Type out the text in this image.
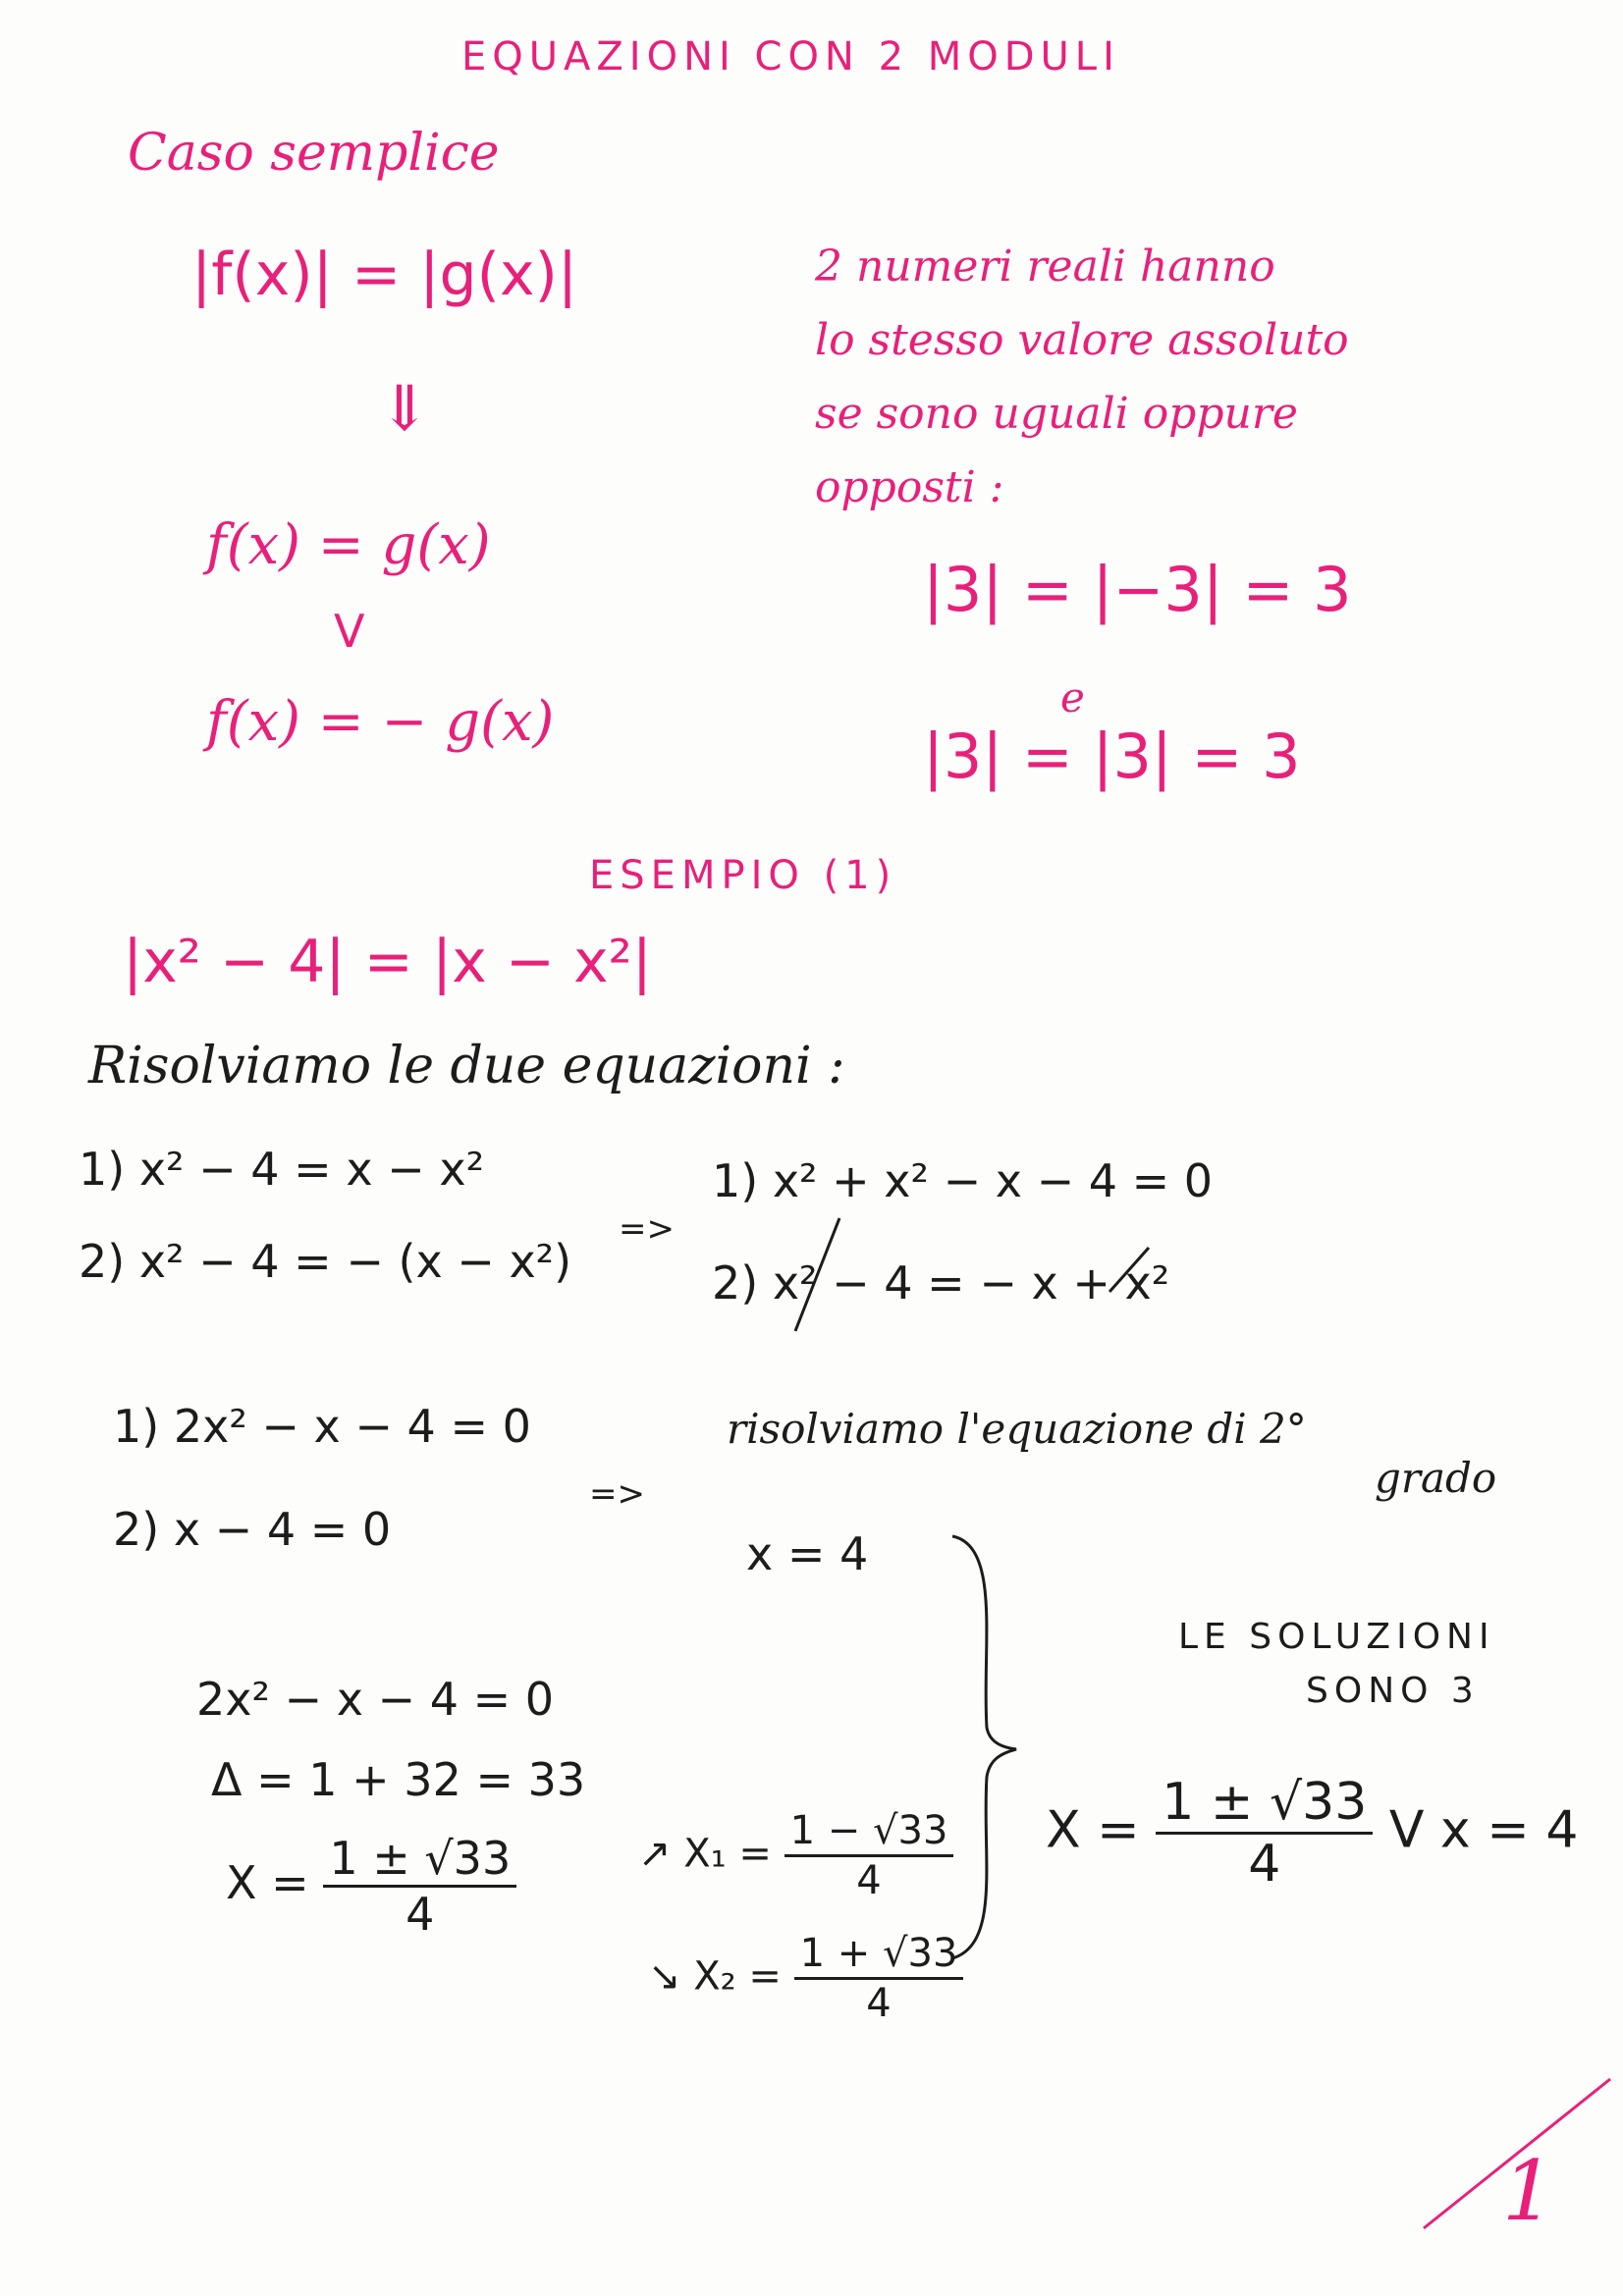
EQUAZIONI CON 2 MODULI
Caso semplice
|f(x)| = |g(x)|
⇓
f(x) = g(x)
V
f(x) = − g(x)
2 numeri reali hanno
lo stesso valore assoluto
se sono uguali oppure
opposti :
|3| = |−3| = 3
e
|3| = |3| = 3
ESEMPIO (1)
|x² − 4| = |x − x²|
Risolviamo le due equazioni :
1) x² − 4 = x − x²
2) x² − 4 = − (x − x²)
=>
1) x² + x² − x − 4 = 0
2) x² − 4 = − x + x²
1) 2x² − x − 4 = 0
2) x − 4 = 0
=>
risolviamo l'equazione di 2°
grado
x = 4
2x² − x − 4 = 0
Δ = 1 + 32 = 33
$X = \frac{1 \pm √33}{4}$	↗ $X_1 = \frac{1 - √33}{4}$
↘ $X_2 = \frac{1 + √33}{4}$
LE SOLUZIONI
SONO 3
$X = \frac{1 \pm √33}{4}$ V x = 4
1
